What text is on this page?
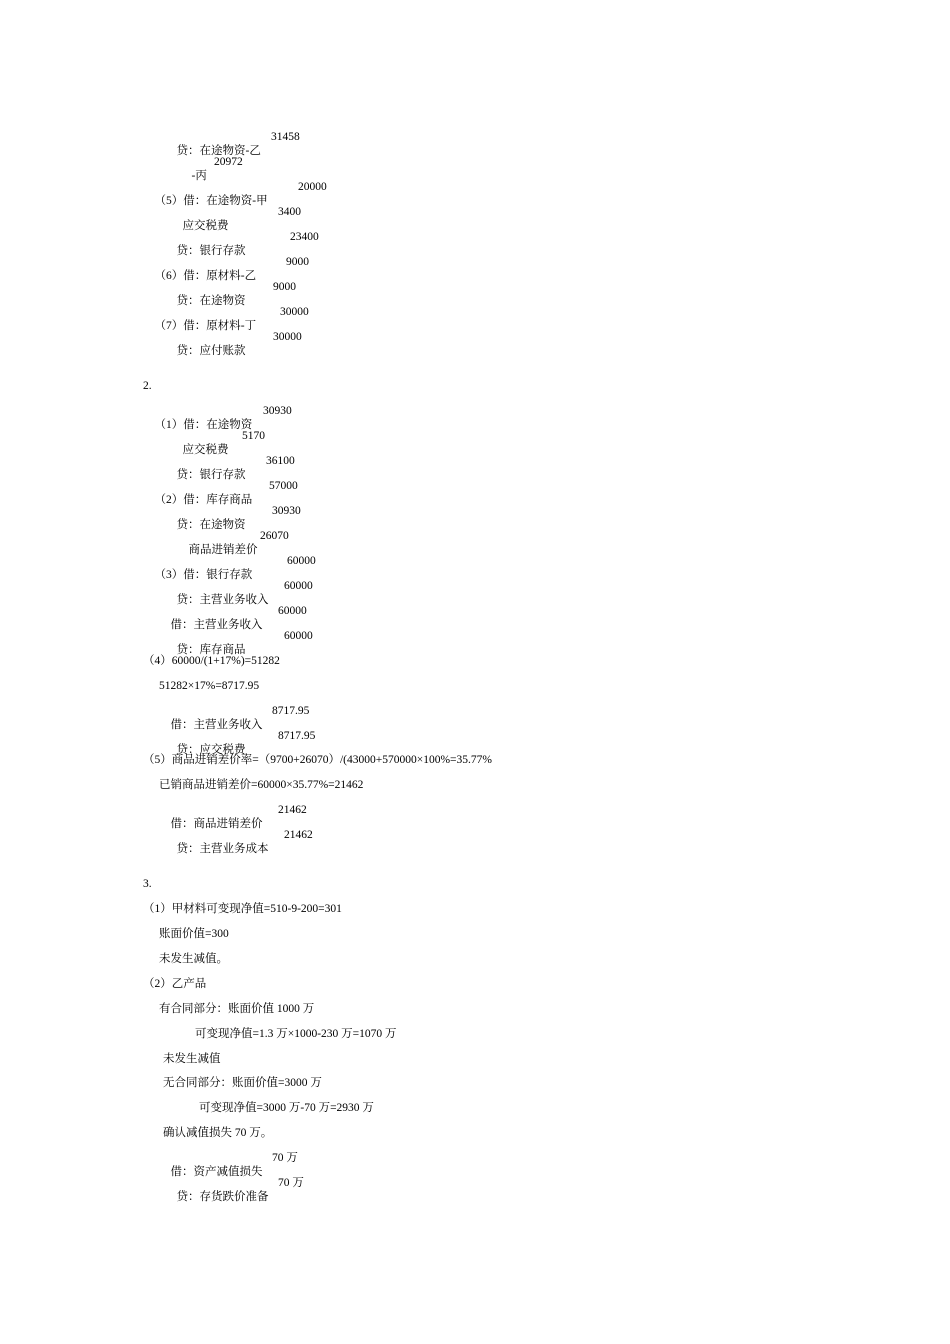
贷：在途物资-乙

31458

-丙

20972

（5）借：在途物资-甲

20000

应交税费

3400

贷：银行存款

23400

（6）借：原材料-乙

9000

贷：在途物资

9000

（7）借：原材料-丁

30000

贷：应付账款

30000

2.

（1）借：在途物资

30930

应交税费

5170

贷：银行存款

36100

（2）借：库存商品

57000

贷：在途物资

30930

商品进销差价

26070

（3）借：银行存款

60000

贷：主营业务收入

60000

借：主营业务收入

60000

贷：库存商品

60000

（4）60000/(1+17%)=51282
51282×17%=8717.95

借：主营业务收入

8717.95

贷：应交税费

8717.95

（5）商品进销差价率=（9700+26070）/(43000+570000×100%=35.77%
已销商品进销差价=60000×35.77%=21462

借：商品进销差价

21462

贷：主营业务成本

21462

3.
（1）甲材料可变现净值=510-9-200=301
账面价值=300
未发生减值。
（2）乙产品
有合同部分：账面价值 1000 万
可变现净值=1.3 万×1000-230 万=1070 万
未发生减值
无合同部分：账面价值=3000 万
可变现净值=3000 万-70 万=2930 万
确认减值损失 70 万。

借：资产减值损失

70 万

贷：存货跌价准备

70 万
